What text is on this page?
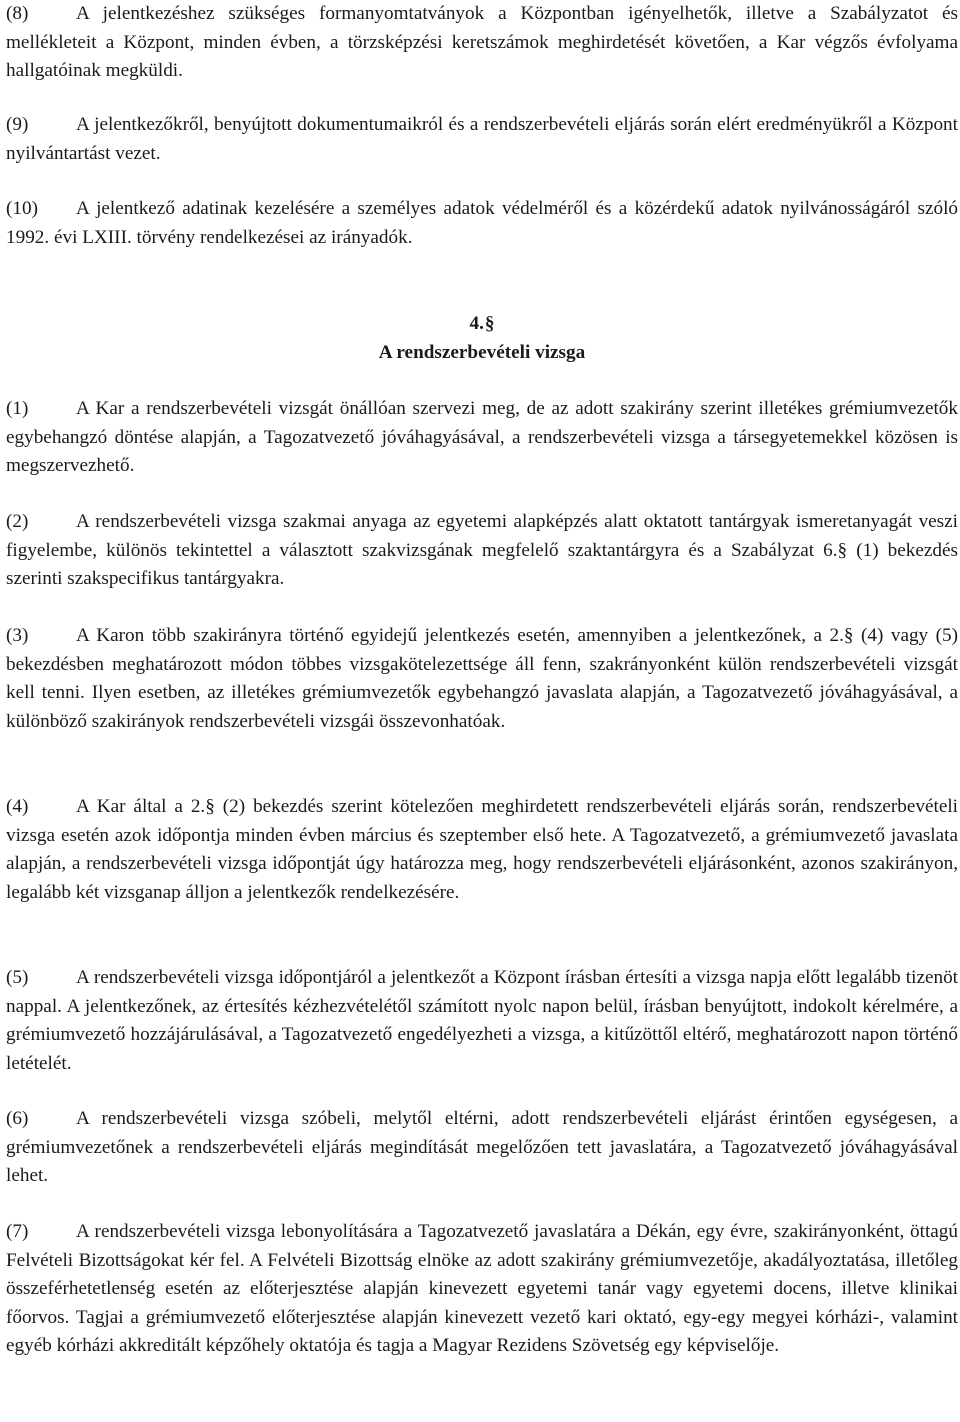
(8) A jelentkezéshez szükséges formanyomtatványok a Központban igényelhetők, illetve a Szabályzatot és mellékleteit a Központ, minden évben, a törzsképzési keretszámok meghirdetését követően, a Kar végzős évfolyama hallgatóinak megküldi.

(9) A jelentkezőkről, benyújtott dokumentumaikról és a rendszerbevételi eljárás során elért eredményükről a Központ nyilvántartást vezet.

(10) A jelentkező adatinak kezelésére a személyes adatok védelméről és a közérdekű adatok nyilvánosságáról szóló 1992. évi LXIII. törvény rendelkezései az irányadók.

4.§

A rendszerbevételi vizsga

(1) A Kar a rendszerbevételi vizsgát önállóan szervezi meg, de az adott szakirány szerint illetékes grémiumvezetők egybehangzó döntése alapján, a Tagozatvezető jóváhagyásával, a rendszerbevételi vizsga a társegyetemekkel közösen is megszervezhető.

(2) A rendszerbevételi vizsga szakmai anyaga az egyetemi alapképzés alatt oktatott tantárgyak ismeretanyagát veszi figyelembe, különös tekintettel a választott szakvizsgának megfelelő szaktantárgyra és a Szabályzat 6.§ (1) bekezdés szerinti szakspecifikus tantárgyakra.

(3) A Karon több szakirányra történő egyidejű jelentkezés esetén, amennyiben a jelentkezőnek, a 2.§ (4) vagy (5) bekezdésben meghatározott módon többes vizsgakötelezettsége áll fenn, szakrányonként külön rendszerbevételi vizsgát kell tenni. Ilyen esetben, az illetékes grémiumvezetők egybehangzó javaslata alapján, a Tagozatvezető jóváhagyásával, a különböző szakirányok rendszerbevételi vizsgái összevonhatóak.

(4) A Kar által a 2.§ (2) bekezdés szerint kötelezően meghirdetett rendszerbevételi eljárás során, rendszerbevételi vizsga esetén azok időpontja minden évben március és szeptember első hete. A Tagozatvezető, a grémiumvezető javaslata alapján, a rendszerbevételi vizsga időpontját úgy határozza meg, hogy rendszerbevételi eljárásonként, azonos szakirányon, legalább két vizsganap álljon a jelentkezők rendelkezésére.

(5) A rendszerbevételi vizsga időpontjáról a jelentkezőt a Központ írásban értesíti a vizsga napja előtt legalább tizenöt nappal. A jelentkezőnek, az értesítés kézhezvételétől számított nyolc napon belül, írásban benyújtott, indokolt kérelmére, a grémiumvezető hozzájárulásával, a Tagozatvezető engedélyezheti a vizsga, a kitűzöttől eltérő, meghatározott napon történő letételét.

(6) A rendszerbevételi vizsga szóbeli, melytől eltérni, adott rendszerbevételi eljárást érintően egységesen, a grémiumvezetőnek a rendszerbevételi eljárás megindítását megelőzően tett javaslatára, a Tagozatvezető jóváhagyásával lehet.

(7) A rendszerbevételi vizsga lebonyolítására a Tagozatvezető javaslatára a Dékán, egy évre, szakirányonként, öttagú Felvételi Bizottságokat kér fel. A Felvételi Bizottság elnöke az adott szakirány grémiumvezetője, akadályoztatása, illetőleg összeférhetetlenség esetén az előterjesztése alapján kinevezett egyetemi tanár vagy egyetemi docens, illetve klinikai főorvos. Tagjai a grémiumvezető előterjesztése alapján kinevezett vezető kari oktató, egy-egy megyei kórházi-, valamint egyéb kórházi akkreditált képzőhely oktatója és tagja a Magyar Rezidens Szövetség egy képviselője.
